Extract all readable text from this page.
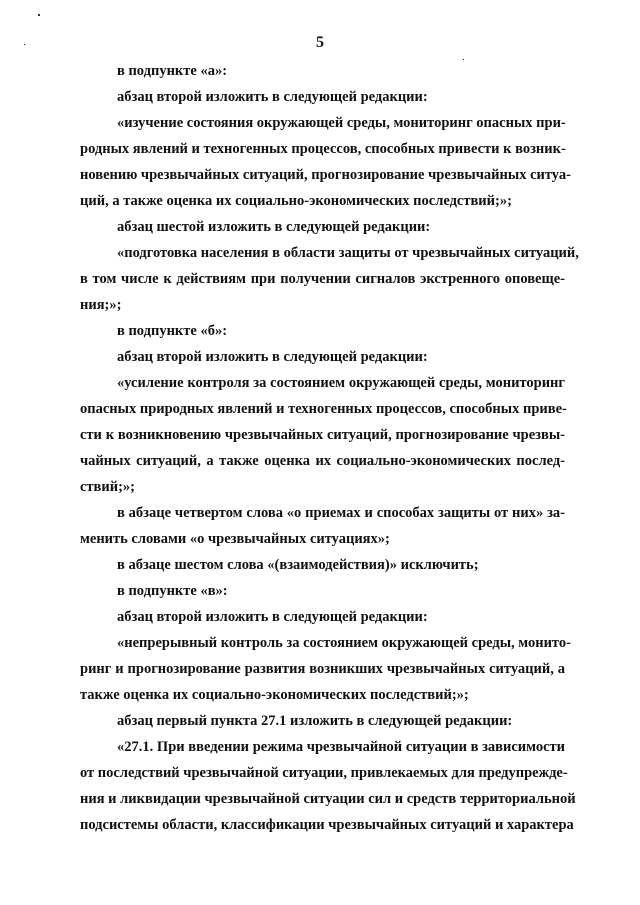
5
в подпункте «а»:
абзац второй изложить в следующей редакции:
«изучение состояния окружающей среды, мониторинг опасных при-
родных явлений и техногенных процессов, способных привести к возник-
новению чрезвычайных ситуаций, прогнозирование чрезвычайных ситуа-
ций, а также оценка их социально-экономических последствий;»;
абзац шестой изложить в следующей редакции:
«подготовка населения в области защиты от чрезвычайных ситуаций,
в том числе к действиям при получении сигналов экстренного оповеще-
ния;»;
в подпункте «б»:
абзац второй изложить в следующей редакции:
«усиление контроля за состоянием окружающей среды, мониторинг
опасных природных явлений и техногенных процессов, способных приве-
сти к возникновению чрезвычайных ситуаций, прогнозирование чрезвы-
чайных ситуаций, а также оценка их социально-экономических послед-
ствий;»;
в абзаце четвертом слова «о приемах и способах защиты от них» за-
менить словами «о чрезвычайных ситуациях»;
в абзаце шестом слова «(взаимодействия)» исключить;
в подпункте «в»:
абзац второй изложить в следующей редакции:
«непрерывный контроль за состоянием окружающей среды, монито-
ринг и прогнозирование развития возникших чрезвычайных ситуаций, а
также оценка их социально-экономических последствий;»;
абзац первый пункта 27.1 изложить в следующей редакции:
«27.1. При введении режима чрезвычайной ситуации в зависимости
от последствий чрезвычайной ситуации, привлекаемых для предупрежде-
ния и ликвидации чрезвычайной ситуации сил и средств территориальной
подсистемы области, классификации чрезвычайных ситуаций и характера
